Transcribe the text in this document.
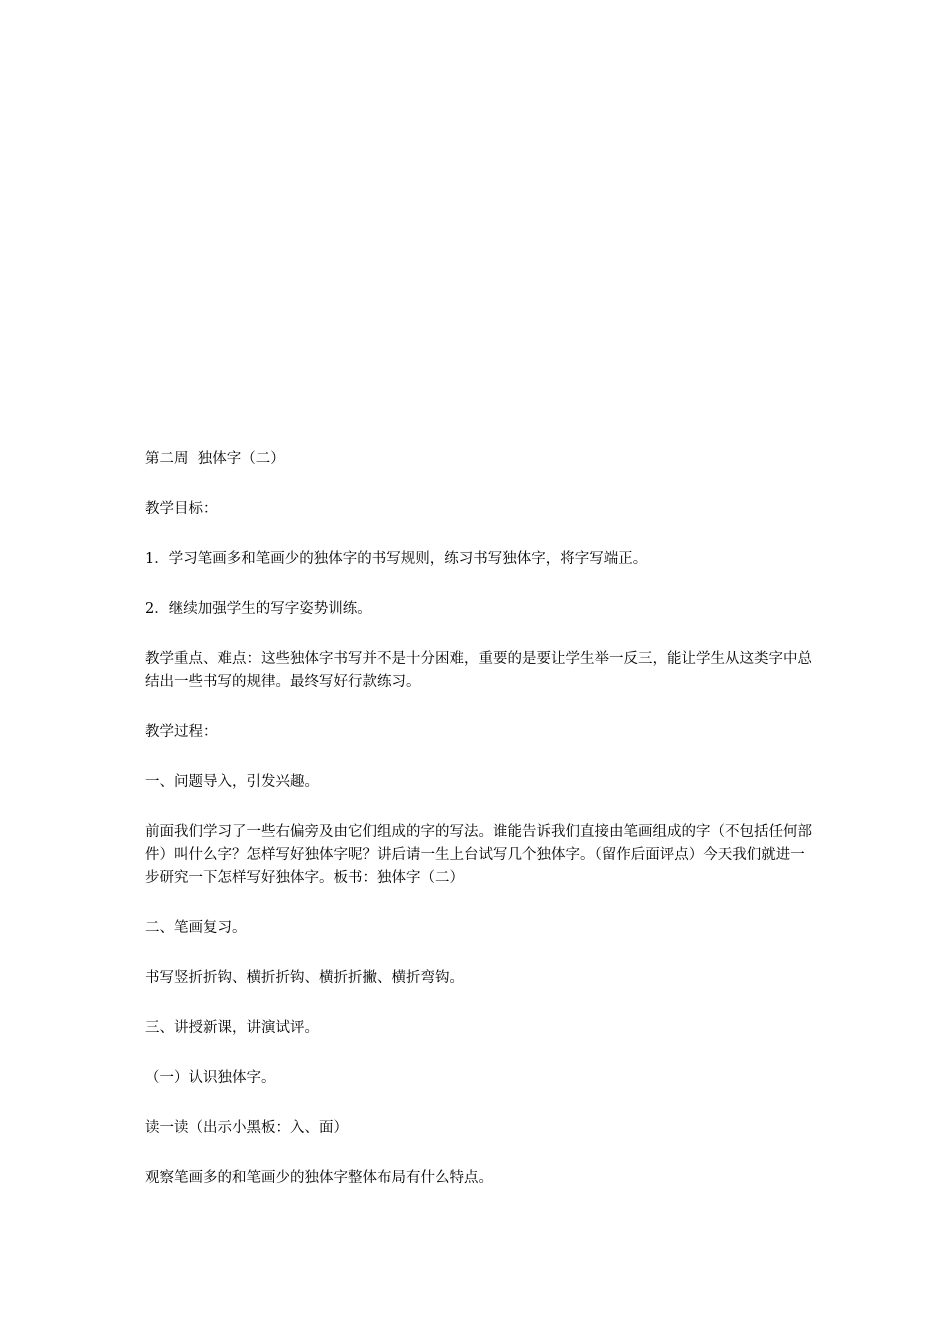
第二周  独体字（二）

教学目标：

1．学习笔画多和笔画少的独体字的书写规则，练习书写独体字，将字写端正。

2．继续加强学生的写字姿势训练。

教学重点、难点：这些独体字书写并不是十分困难，重要的是要让学生举一反三，能让学生从这类字中总结出一些书写的规律。最终写好行款练习。

教学过程：

一、问题导入，引发兴趣。

前面我们学习了一些右偏旁及由它们组成的字的写法。谁能告诉我们直接由笔画组成的字（不包括任何部件）叫什么字？怎样写好独体字呢？讲后请一生上台试写几个独体字。（留作后面评点）今天我们就进一步研究一下怎样写好独体字。板书：独体字（二）

二、笔画复习。

书写竖折折钩、横折折钩、横折折撇、横折弯钩。

三、讲授新课，讲演试评。

（一）认识独体字。

读一读（出示小黑板：入、面）

观察笔画多的和笔画少的独体字整体布局有什么特点。
